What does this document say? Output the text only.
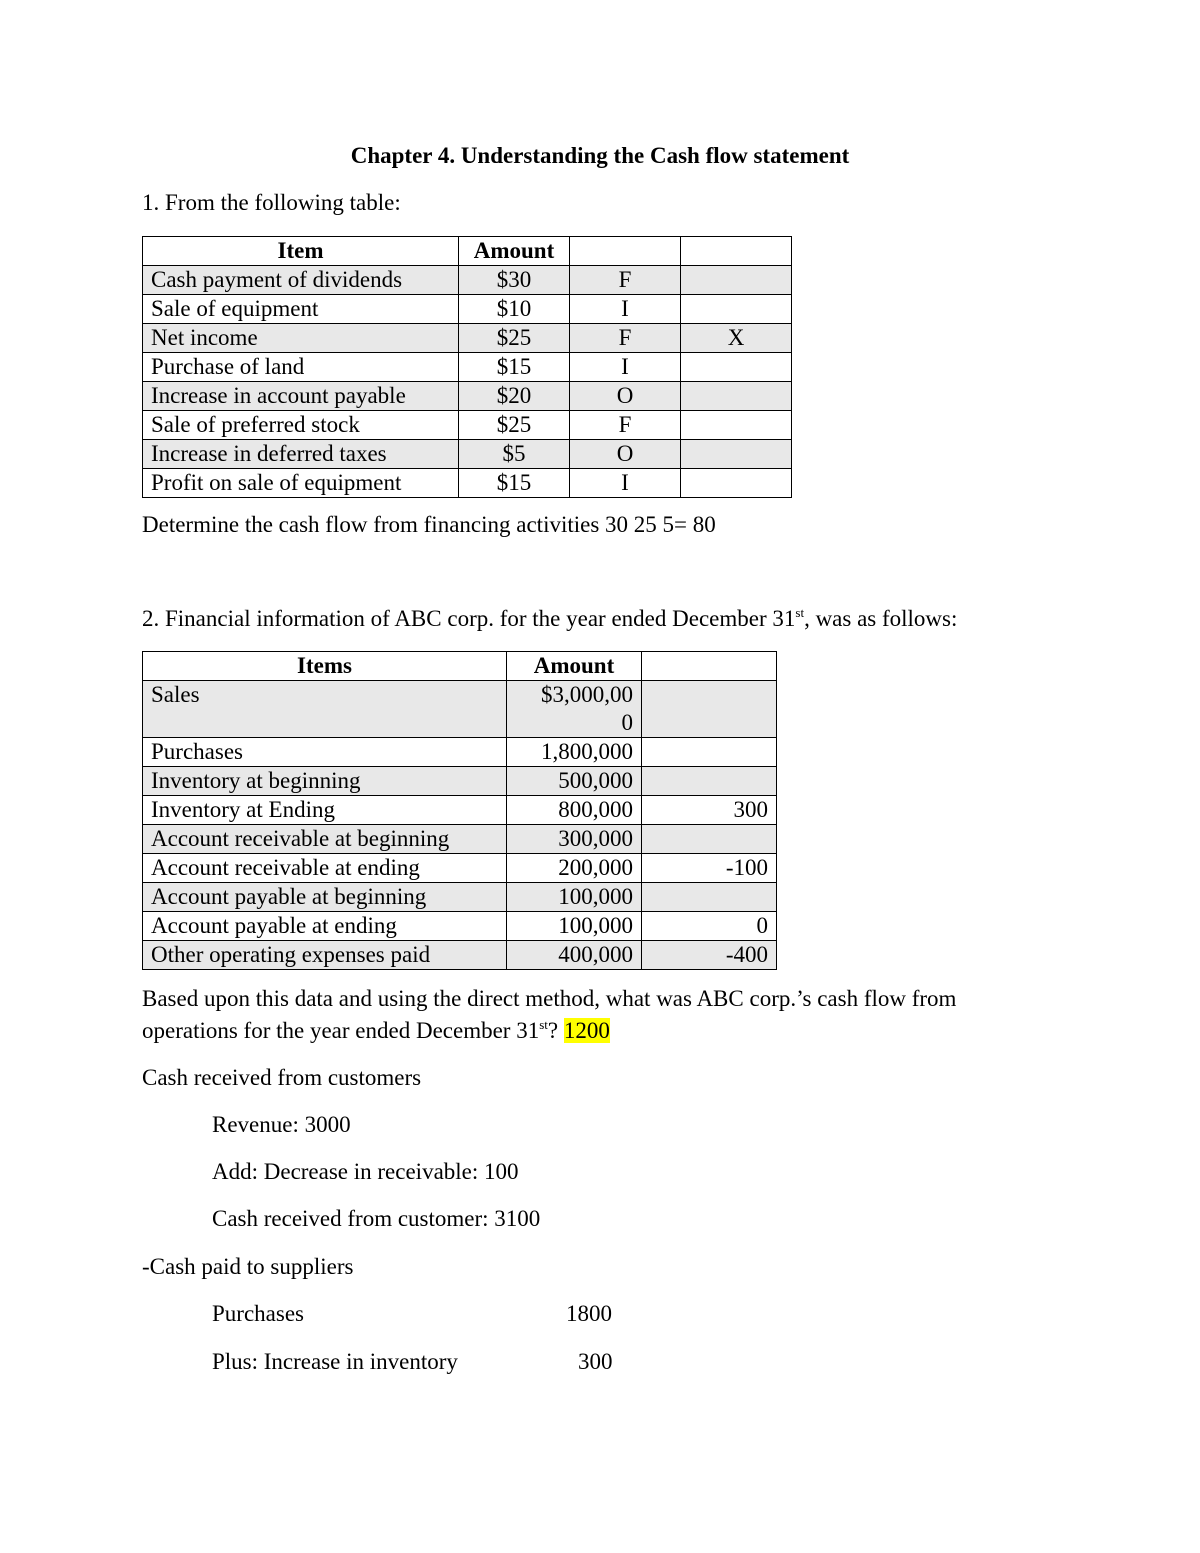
Chapter 4. Understanding the Cash flow statement
1. From the following table:
Item	Amount		
Cash payment of dividends	$30	F	
Sale of equipment	$10	I	
Net income	$25	F	X
Purchase of land	$15	I	
Increase in account payable	$20	O	
Sale of preferred stock	$25	F	
Increase in deferred taxes	$5	O	
Profit on sale of equipment	$15	I	
Determine the cash flow from financing activities 30 25 5= 80
2. Financial information of ABC corp. for the year ended December 31st, was as follows:
Items	Amount	
Sales	$3,000,00
0	
Purchases	1,800,000	
Inventory at beginning	500,000	
Inventory at Ending	800,000	300
Account receivable at beginning	300,000	
Account receivable at ending	200,000	-100
Account payable at beginning	100,000	
Account payable at ending	100,000	0
Other operating expenses paid	400,000	-400
Based upon this data and using the direct method, what was ABC corp.’s cash flow from
operations for the year ended December 31st? 1200
Cash received from customers
Revenue: 3000
Add: Decrease in receivable: 100
Cash received from customer: 3100
-Cash paid to suppliers
Purchases	1800
Plus: Increase in inventory	300
